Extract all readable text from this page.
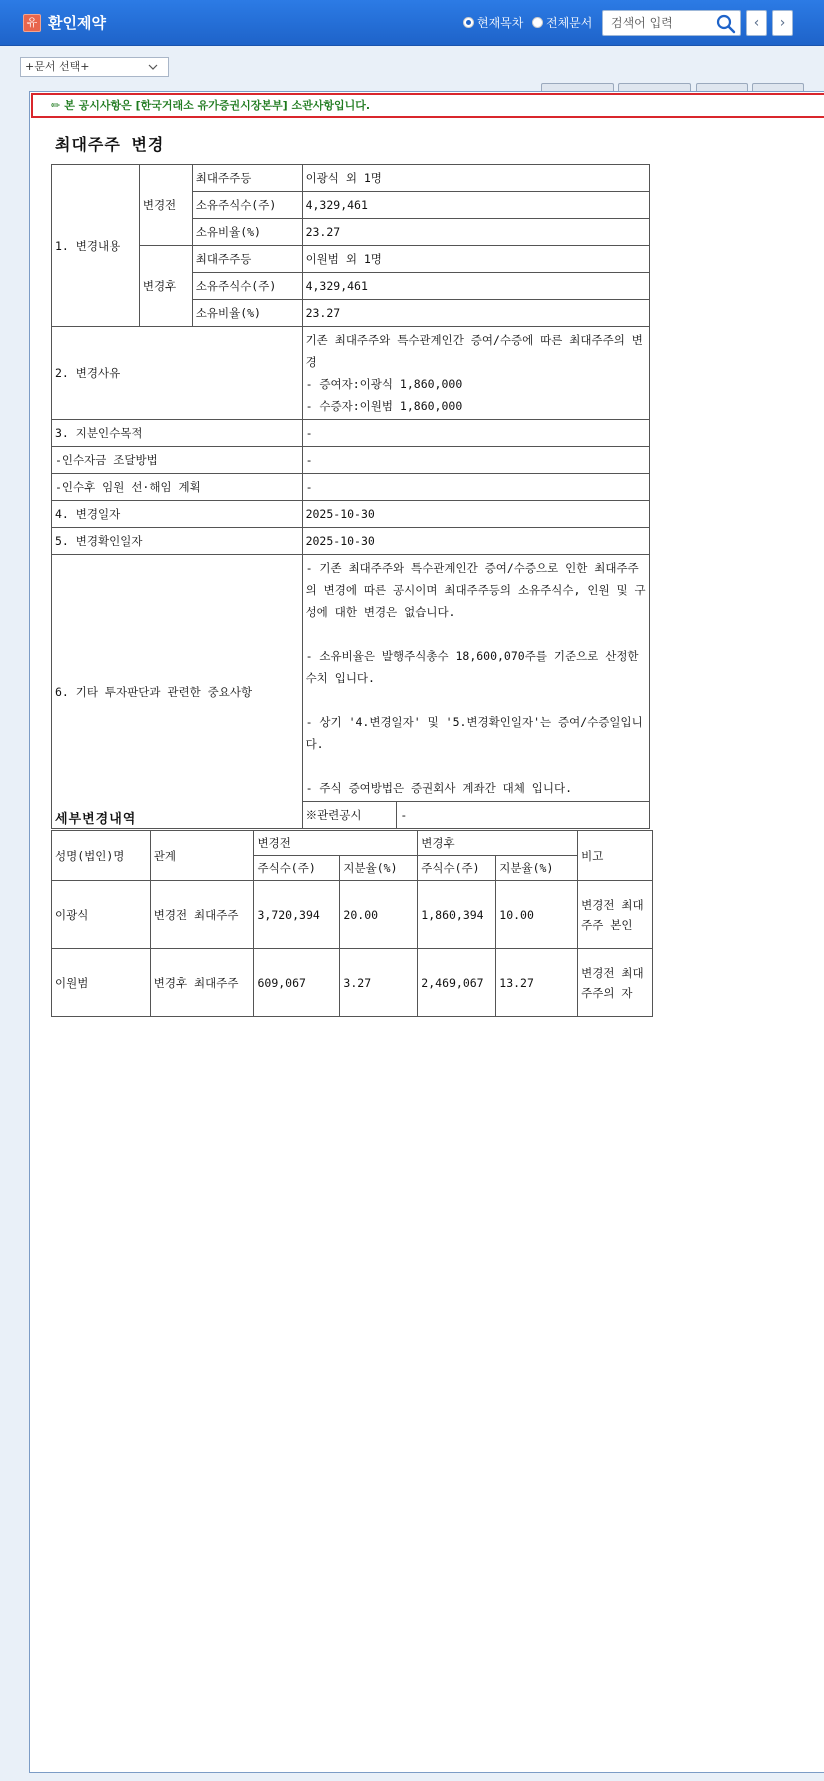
유 환인제약	현재목차 전체문서
검색어 입력	‹	›
+문서 선택+
✏ 본 공시사항은 [한국거래소 유가증권시장본부] 소관사항입니다.
최대주주 변경
1. 변경내용	변경전	최대주주등	이광식 외 1명	
		소유주식수(주)	4,329,461	
		소유비율(%)	23.27	
	변경후	최대주주등	이원범 외 1명	
		소유주식수(주)	4,329,461	
		소유비율(%)	23.27	
2. 변경사유			기존 최대주주와 특수관계인간 증여/수증에 따른 최대주주의 변경
- 증여자:이광식 1,860,000
- 수증자:이원범 1,860,000	
3. 지분인수목적			-	
-인수자금 조달방법			-	
-인수후 임원 선·해임 계획			-	
4. 변경일자			2025-10-30	
5. 변경확인일자			2025-10-30	
6. 기타 투자판단과 관련한 중요사항			- 기존 최대주주와 특수관계인간 증여/수증으로 인한 최대주주의 변경에 따른 공시이며 최대주주등의 소유주식수, 인원 및 구성에 대한 변경은 없습니다.

- 소유비율은 발행주식총수 18,600,070주를 기준으로 산정한 수치 입니다.

- 상기 '4.변경일자' 및 '5.변경확인일자'는 증여/수증일입니다.

- 주식 증여방법은 증권회사 계좌간 대체 입니다.	
			※관련공시	-
세부변경내역
성명(법인)명	관계	변경전		변경후		비고
		주식수(주)	지분율(%)	주식수(주)	지분율(%)	
이광식	변경전 최대주주	3,720,394	20.00	1,860,394	10.00	변경전 최대주주 본인
이원범	변경후 최대주주	609,067	3.27	2,469,067	13.27	변경전 최대주주의 자
